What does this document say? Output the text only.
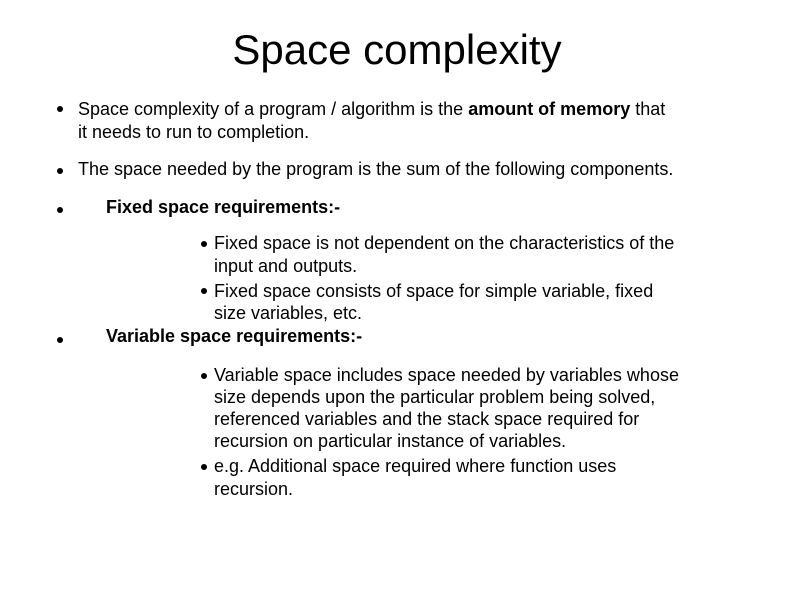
Space complexity
Space complexity of a program / algorithm is the amount of memory that
it needs to run to completion.
The space needed by the program is the sum of the following components.
Fixed space requirements:-
Fixed space is not dependent on the characteristics of the
input and outputs.
Fixed space consists of space for simple variable, fixed
size variables, etc.
Variable space requirements:-
Variable space includes space needed by variables whose
size depends upon the particular problem being solved,
referenced variables and the stack space required for
recursion on particular instance of variables.
e.g. Additional space required where function uses
recursion.
